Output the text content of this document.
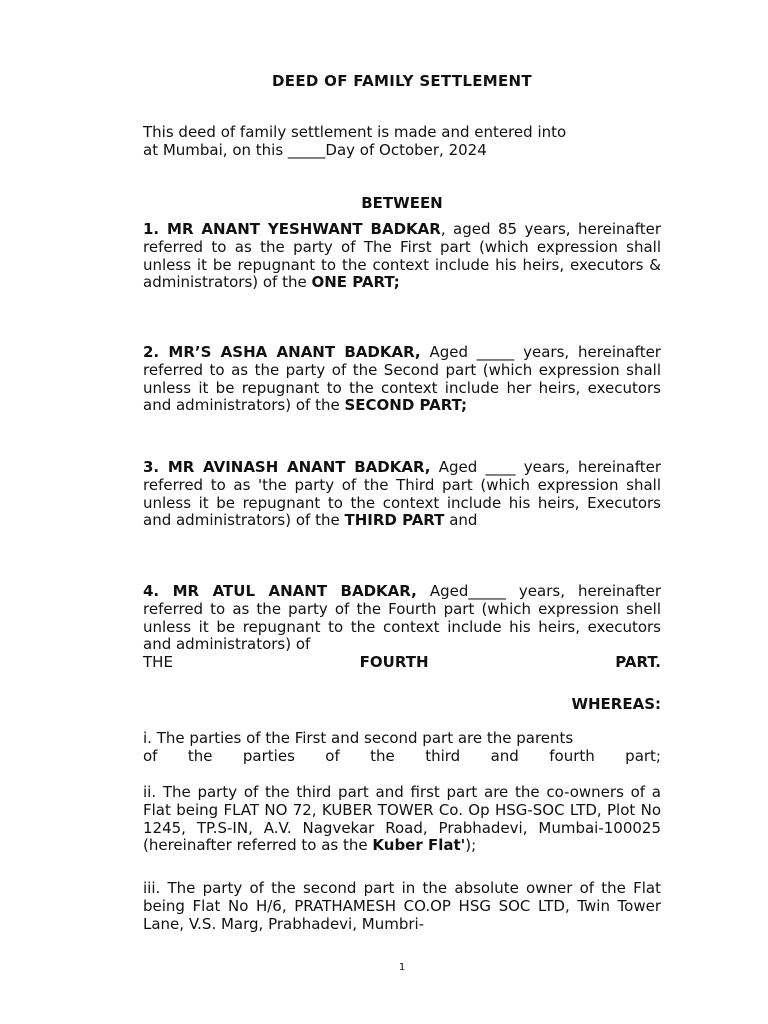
DEED OF FAMILY SETTLEMENT
This deed of family settlement is made and entered into
at Mumbai, on this _____Day of October, 2024
BETWEEN
1. MR ANANT YESHWANT BADKAR, aged 85 years, hereinafter referred to as the party of The First part (which expression shall unless it be repugnant to the context include his heirs, executors & administrators) of the ONE PART;
2. MR’S ASHA ANANT BADKAR, Aged _____ years, hereinafter referred to as the party of the Second part (which expression shall unless it be repugnant to the context include her heirs, executors and administrators) of the SECOND PART;
3. MR AVINASH ANANT BADKAR, Aged ____ years, hereinafter referred to as 'the party of the Third part (which expression shall unless it be repugnant to the context include his heirs, Executors and administrators) of the THIRD PART and
4. MR ATUL ANANT BADKAR, Aged_____ years, hereinafter referred to as the party of the Fourth part (which expression shell unless it be repugnant to the context include his heirs, executors and administrators) of
THE	FOURTH	PART.
WHEREAS:
i. The parties of the First and second part are the parents
of the parties of the third and fourth part;
ii. The party of the third part and first part are the co-owners of a Flat being FLAT NO 72, KUBER TOWER Co. Op HSG-SOC LTD, Plot No 1245, TP.S-IN, A.V. Nagvekar Road, Prabhadevi, Mumbai-100025 (hereinafter referred to as the Kuber Flat');
iii. The party of the second part in the absolute owner of the Flat being Flat No H/6, PRATHAMESH CO.OP HSG SOC LTD, Twin Tower Lane, V.S. Marg, Prabhadevi, Mumbri-
1
